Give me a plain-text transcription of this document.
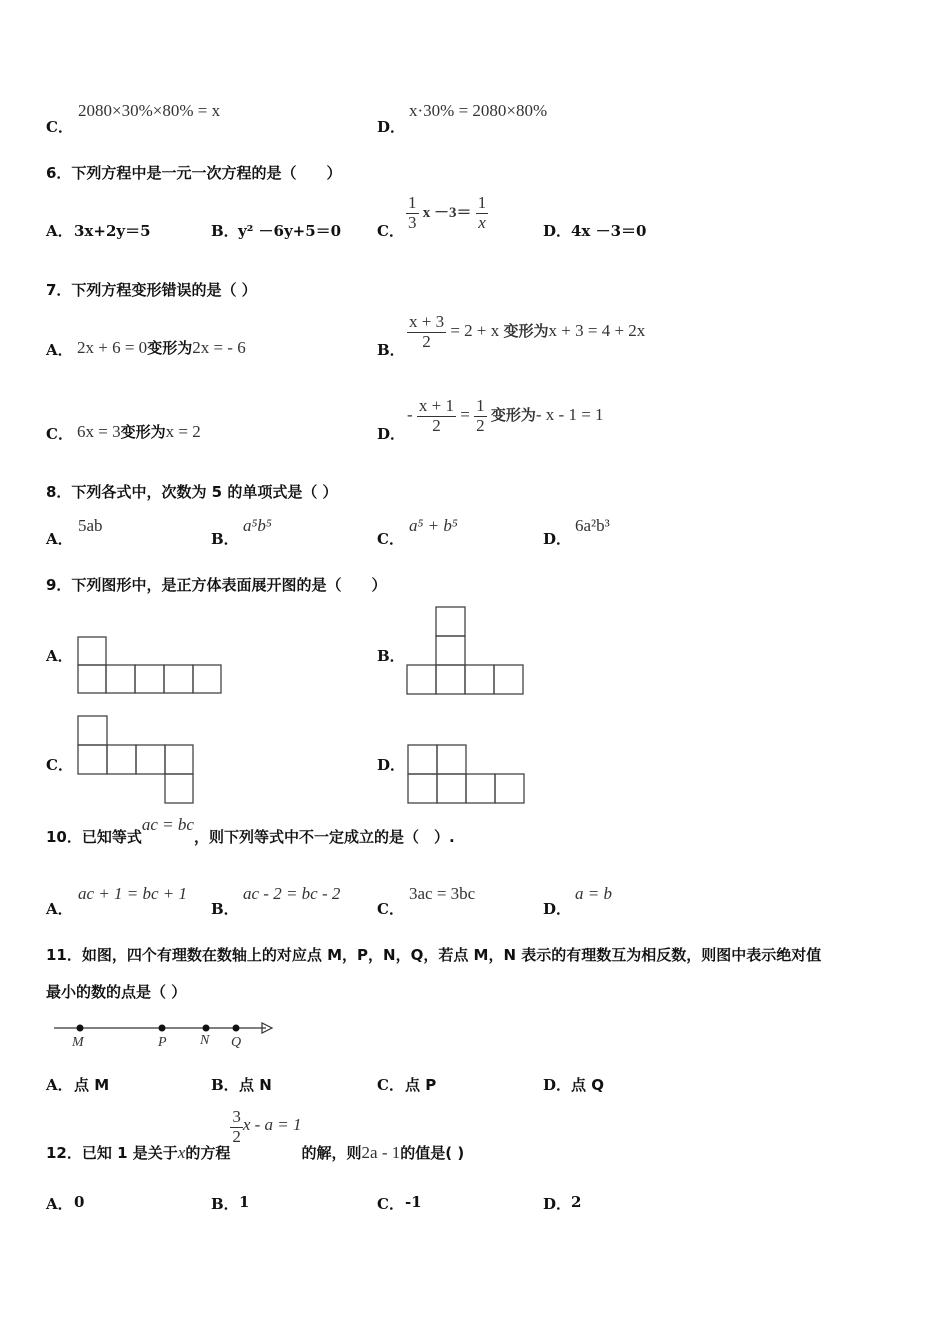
C．
2080×30%×80% = x
D．
x·30% = 2080×80%
6．下列方程中是一元一次方程的是（　　）
A． 3x+2y＝5	B． y² －6y+5＝0 C． $\frac{1}{3}$ $x -3= \frac{1}{x}$	D． 4x －3＝0
7．下列方程变形错误的是（ ）
A． 2x + 6 = 0变形为2x = - 6	B． $\frac{x + 3}{2} = 2 + x$ 变形为x + 3 = 4 + 2x
C． 6x = 3变形为x = 2	D．
- $\frac{x + 1}{2} = \frac{1}{2}$ 变形为- x - 1 = 1
8．下列各式中，次数为 5 的单项式是（ ）
A．
5ab
B．
a⁵b⁵
C．
a⁵ + b⁵
D．
6a²b³
9．下列图形中，是正方体表面展开图的是（　　）
A．	B．
C．	D．
10．已知等式ac = bc，则下列等式中不一定成立的是（　）.
A．
ac + 1 = bc + 1
B．
ac - 2 = bc - 2
C．
3ac = 3bc
D．
a = b
11．如图，四个有理数在数轴上的对应点 M，P，N，Q，若点 M，N 表示的有理数互为相反数，则图中表示绝对值
最小的数的点是（ ）
M	P N Q
A． 点 M	B． 点 N	C． 点 P	D． 点 Q
12．已知 1 是关于x的方程
$\frac{3}{2}$ x - a = 1的解，则2a - 1的值是( )
A． 0	B． 1	C． -1	D． 2
